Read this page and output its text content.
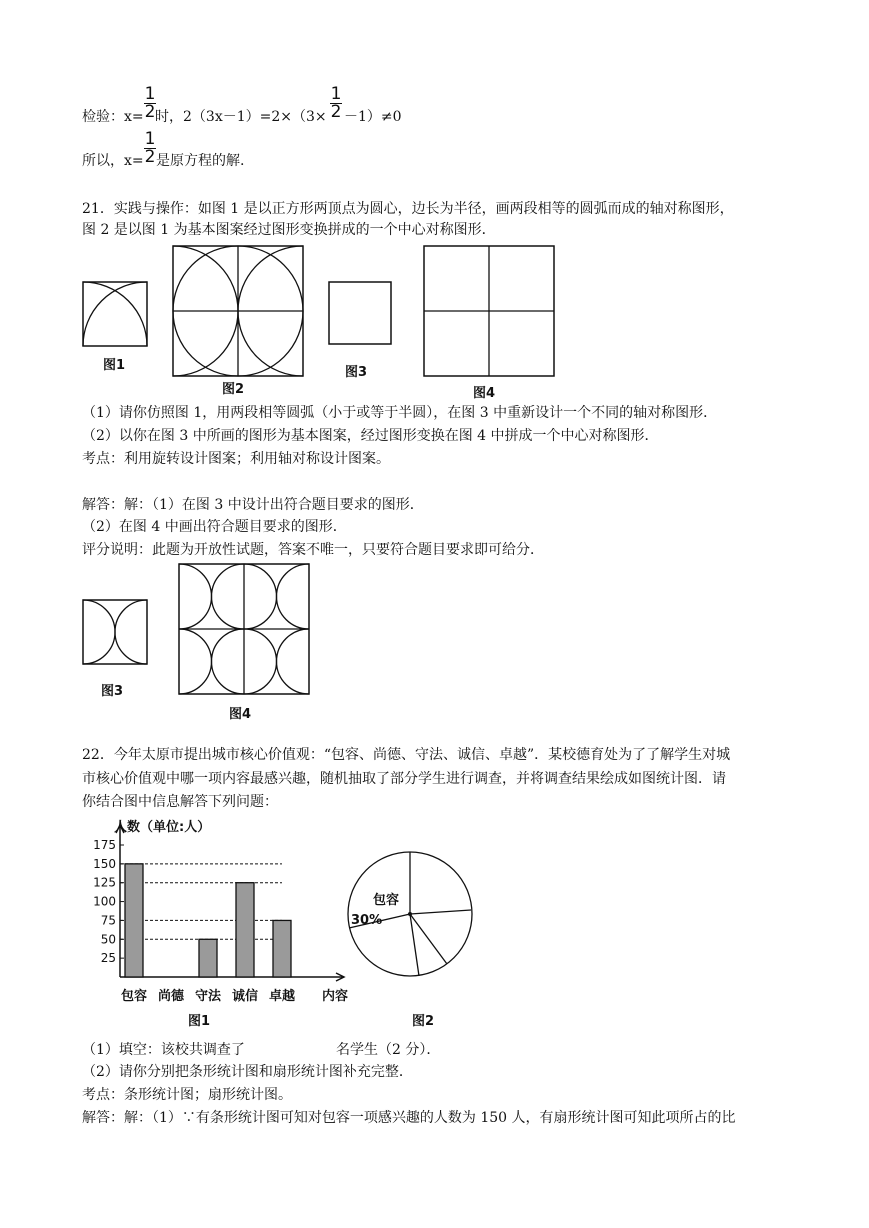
检验：$x= \frac{1}{2}$ 时，$2(3x-1)=2\times(3\times \frac{1}{2} -1)\ne 0$
所以，$x= \frac{1}{2}$ 是原方程的解.
21．实践与操作：如图 1 是以正方形两顶点为圆心，边长为半径，画两段相等的圆弧而成的轴对称图形，
图 2 是以图 1 为基本图案经过图形变换拼成的一个中心对称图形．
图1
图2
图3
图4
（1）请你仿照图 1，用两段相等圆弧（小于或等于半圆），在图 3 中重新设计一个不同的轴对称图形．
（2）以你在图 3 中所画的图形为基本图案，经过图形变换在图 4 中拼成一个中心对称图形．
考点：利用旋转设计图案；利用轴对称设计图案。
解答：解：（1）在图 3 中设计出符合题目要求的图形．
（2）在图 4 中画出符合题目要求的图形．
评分说明：此题为开放性试题，答案不唯一，只要符合题目要求即可给分．
图3
图4
22．今年太原市提出城市核心价值观：“包容、尚德、守法、诚信、卓越”．某校德育处为了了解学生对城
市核心价值观中哪一项内容最感兴趣，随机抽取了部分学生进行调查，并将调查结果绘成如图统计图．请
你结合图中信息解答下列问题：
人数（单位:人）
内容
图1
25
50
75
100
125
150
175
包容 尚德 守法 诚信 卓越
包容
30%
图2
（1）填空：该校共调查了	名学生（2 分）．
（2）请你分别把条形统计图和扇形统计图补充完整．
考点：条形统计图；扇形统计图。
解答：解：（1）∵有条形统计图可知对包容一项感兴趣的人数为 150 人，有扇形统计图可知此项所占的比
